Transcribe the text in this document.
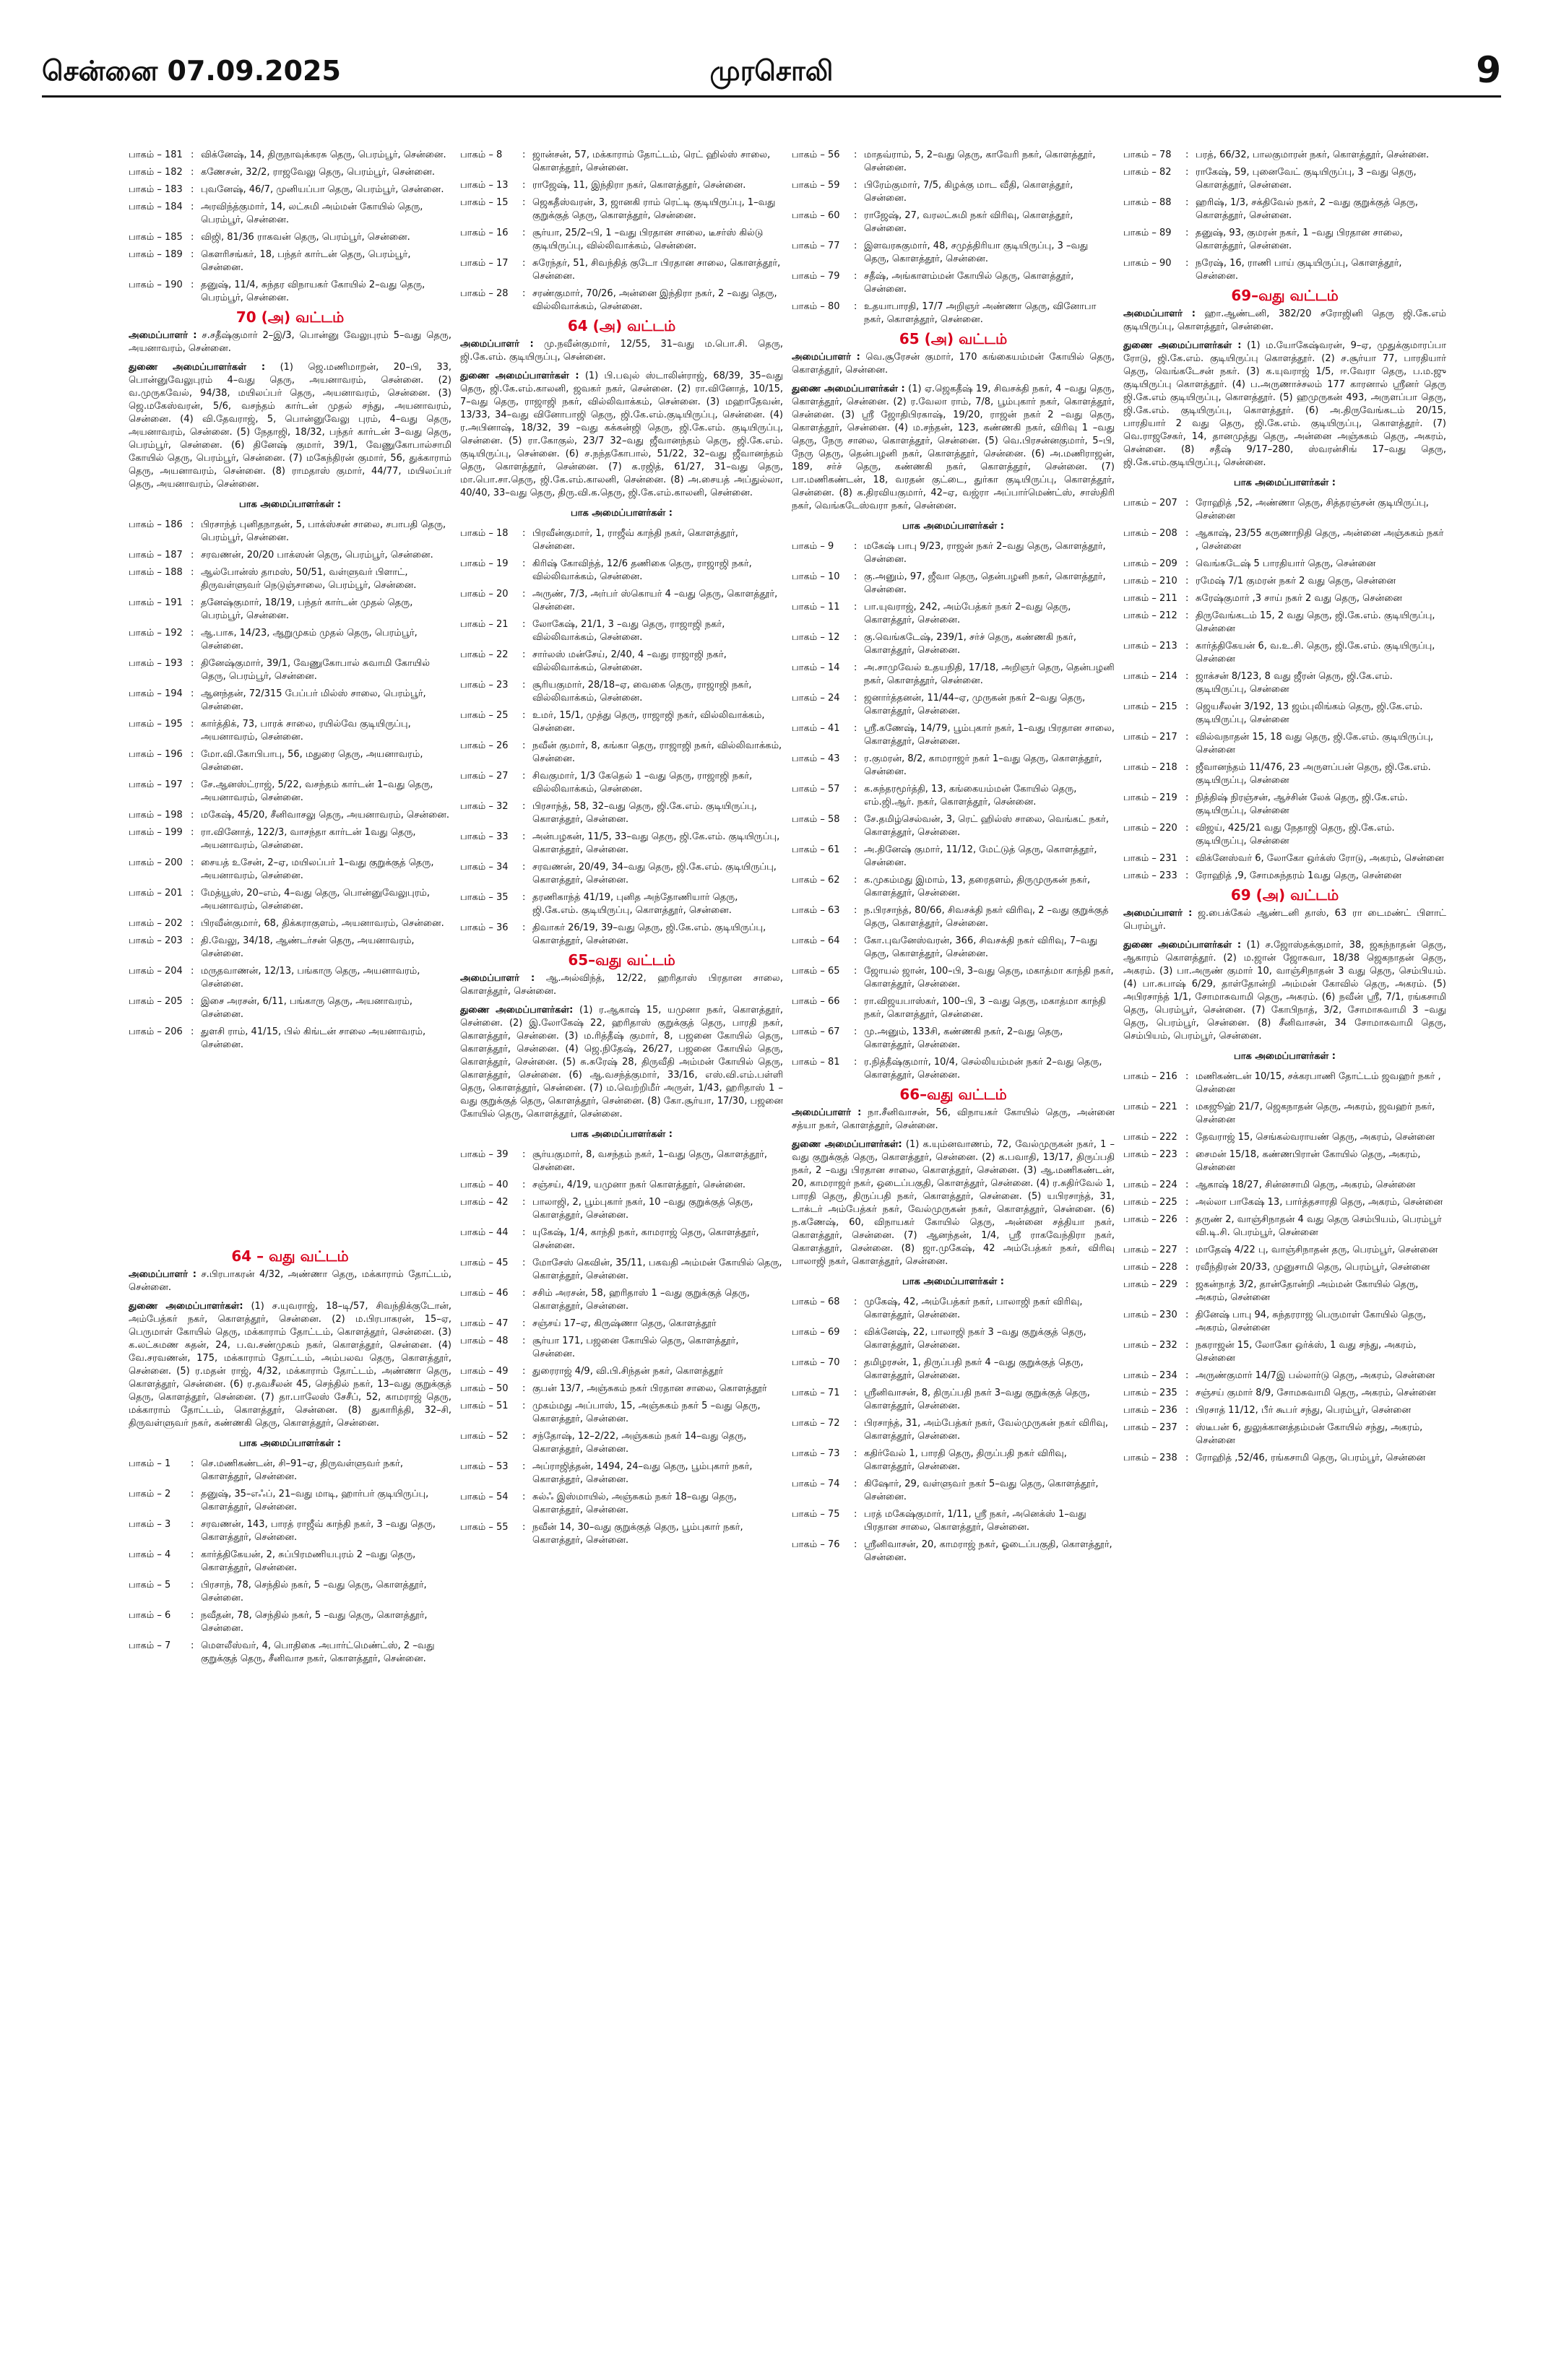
சென்னை 07.09.2025	முரசொலி	9
பாகம் – 181 : விக்னேஷ், 14, திருநாவுக்கரசு தெரு, பெரம்பூர், சென்னை.
பாகம் – 182 : கணேசன், 32/2, ராஜவேலு தெரு, பெரம்பூர், சென்னை.
பாகம் – 183 : புவனேஷ், 46/7, முனியப்பா தெரு, பெரம்பூர், சென்னை.
பாகம் – 184 : அரவிந்த்குமார், 14, லட்சுமி அம்மன் கோயில் தெரு, பெரம்பூர், சென்னை.
பாகம் – 185 : விஜி, 81/36 ராகவன் தெரு, பெரம்பூர், சென்னை.
பாகம் – 189 : கௌரிசங்கர், 18, பந்தர் கார்டன் தெரு, பெரம்பூர், சென்னை.
பாகம் – 190 : தனுஷ், 11/4, சுந்தர விநாயகர் கோயில் 2–வது தெரு, பெரம்பூர், சென்னை.
70 (அ) வட்டம்
அமைப்பாளர் : ச.சதீஷ்குமார் 2–இ/3, பொன்னு வேலுபுரம் 5–வது தெரு, அயனாவரம், சென்னை.
துணை அமைப்பாளர்கள் : (1) ஜெ.மணிமாறன், 20–பி, 33, பொன்னுவேலுபுரம் 4–வது தெரு, அயனாவரம், சென்னை. (2) வ.முருகவேல், 94/38, மயிலப்பர் தெரு, அயனாவரம், சென்னை. (3) ஜெ.மகேஸ்வரன், 5/6, வசந்தம் கார்டன் முதல் சந்து, அயனாவரம், சென்னை. (4) வி.தேவராஜ், 5, பொன்னுவேலு புரம், 4–வது தெரு, அயனாவரம், சென்னை. (5) நேதாஜி, 18/32, பந்தர் கார்டன் 3–வது தெரு, பெரம்பூர், சென்னை. (6) தினேஷ் குமார், 39/1, வேணுகோபால்சாமி கோயில் தெரு, பெரம்பூர், சென்னை. (7) மகேந்திரன் குமார், 56, துக்காராம் தெரு, அயனாவரம், சென்னை. (8) ராமதாஸ் குமார், 44/77, மயிலப்பர் தெரு, அயனாவரம், சென்னை.
பாக அமைப்பாளர்கள் :
பாகம் – 186 : பிரசாந்த் புனிதநாதன், 5, பாக்ஸ்சன் சாலை, சபாபதி தெரு, பெரம்பூர், சென்னை.
பாகம் – 187 : சரவணன், 20/20 பாக்ஸன் தெரு, பெரம்பூர், சென்னை.
பாகம் – 188 : ஆல்போன்ஸ் தாமஸ், 50/51, வள்ளுவர் பிளாட், திருவள்ளுவர் நெடுஞ்சாலை, பெரம்பூர், சென்னை.
பாகம் – 191 : தனேஷ்குமார், 18/19, பந்தர் கார்டன் முதல் தெரு, பெரம்பூர், சென்னை.
பாகம் – 192 : ஆ.பாசு, 14/23, ஆறுமுகம் முதல் தெரு, பெரம்பூர், சென்னை.
பாகம் – 193 : தினேஷ்குமார், 39/1, வேணுகோபால் சுவாமி கோயில் தெரு, பெரம்பூர், சென்னை.
பாகம் – 194 : ஆனந்தன், 72/315 பேப்பர் மில்ஸ் சாலை, பெரம்பூர், சென்னை.
பாகம் – 195 : கார்த்திக், 73, பாரக் சாலை, ரயில்வே குடியிருப்பு, அயனாவரம், சென்னை.
பாகம் – 196 : மோ.வி.கோபிபாபு, 56, மதுரை தெரு, அயனாவரம், சென்னை.
பாகம் – 197 : சே.ஆனஸ்ட்ராஜ், 5/22, வசந்தம் கார்டன் 1–வது தெரு, அயனாவரம், சென்னை.
பாகம் – 198 : மகேஷ், 45/20, சீனிவாசலு தெரு, அயனாவரம், சென்னை.
பாகம் – 199 : ரா.வினோத், 122/3, வாசந்தா கார்டன் 1வது தெரு, அயனாவரம், சென்னை.
பாகம் – 200 : சையத் உசேன், 2–ஏ, மயிலப்பர் 1–வது குறுக்குத் தெரு, அயனாவரம், சென்னை.
பாகம் – 201 : மேத்யூஸ், 20–எம், 4–வது தெரு, பொன்னுவேலுபுரம், அயனாவரம், சென்னை.
பாகம் – 202 : பிரவீன்குமார், 68, திக்கராகுளம், அயனாவரம், சென்னை.
பாகம் – 203 : தி.வேலு, 34/18, ஆண்டர்சன் தெரு, அயனாவரம், சென்னை.
பாகம் – 204 : மருதவாணன், 12/13, பங்காரு தெரு, அயனாவரம், சென்னை.
பாகம் – 205 : இசை அரசன், 6/11, பங்காரு தெரு, அயனாவரம், சென்னை.
பாகம் – 206 : துளசி ராம், 41/15, பில் கிங்டன் சாலை அயனாவரம், சென்னை.
64 – வது வட்டம்
அமைப்பாளர் : ச.பிரபாகரன் 4/32, அண்ணா தெரு, மக்காராம் தோட்டம், சென்னை.
துணை அமைப்பாளர்கள்: (1) ச.யுவராஜ், 18–டி/57, சிவந்திக்குடோன், அம்பேத்கர் நகர், கொளத்தூர், சென்னை. (2) ம.பிரபாகரன், 15–ஏ, பெருமாள் கோயில் தெரு, மக்காராம் தோட்டம், கொளத்தூர், சென்னை. (3) க.லட்சுமண சுதன், 24, ப.வ.சண்முகம் நகர், கொளத்தூர், சென்னை. (4) வே.சரவணன், 175, மக்காராம் தோட்டம், அம்பலவ தெரு, கொளத்தூர், சென்னை. (5) ர.மதன் ராஜ், 4/32, மக்காராம் தோட்டம், அண்ணா தெரு, கொளத்தூர், சென்னை. (6) ர.தவசீலன் 45, செந்தில் நகர், 13–வது குறுக்குத் தெரு, கொளத்தூர், சென்னை. (7) தா.பாலேஸ் சேசீப், 52, காமராஜ் தெரு, மக்காராம் தோட்டம், கொளத்தூர், சென்னை. (8) துகாரித்தி, 32–சி, திருவள்ளுவர் நகர், கண்ணகி தெரு, கொளத்தூர், சென்னை.
பாக அமைப்பாளர்கள் :
பாகம் – 1	: செ.மணிகண்டன், சி–91–ஏ, திருவள்ளுவர் நகர், கொளத்தூர், சென்னை.
பாகம் – 2	: தனுஷ், 35–எஃப், 21–வது மாடி, ஹார்பர் குடியிருப்பு, கொளத்தூர், சென்னை.
பாகம் – 3	: சரவணன், 143, பாரத் ராஜீவ் காந்தி நகர், 3 –வது தெரு, கொளத்தூர், சென்னை.
பாகம் – 4	: கார்த்திகேயன், 2, சுப்பிரமணியபுரம் 2 –வது தெரு, கொளத்தூர், சென்னை.
பாகம் – 5	: பிரசாந், 78, செந்தில் நகர், 5 –வது தெரு, கொளத்தூர், சென்னை.
பாகம் – 6	: நவீதன், 78, செந்தில் நகர், 5 –வது தெரு, கொளத்தூர், சென்னை.
பாகம் – 7	: மௌலீஸ்வர், 4, பொதிகை அபார்ட்மெண்ட்ஸ், 2 –வது குறுக்குத் தெரு, சீனிவாச நகர், கொளத்தூர், சென்னை.
பாகம் – 8	: ஜான்சன், 57, மக்காராம் தோட்டம், ரெட் ஹில்ஸ் சாலை, கொளத்தூர், சென்னை.
பாகம் – 13	: ராஜேஷ், 11, இந்திரா நகர், கொளத்தூர், சென்னை.
பாகம் – 15	: ஜெகதீஸ்வரன், 3, ஜானகி ராம் ரெட்டி குடியிருப்பு, 1–வது குறுக்குத் தெரு, கொளத்தூர், சென்னை.
பாகம் – 16	: சூர்யா, 25/2–பி, 1 –வது பிரதான சாலை, டீசர்ஸ் கில்டு குடியிருப்பு, வில்லிவாக்கம், சென்னை.
பாகம் – 17	: சுரேந்தர், 51, சிவந்தித் குடோ பிரதான சாலை, கொளத்தூர், சென்னை.
பாகம் – 28	: சரண்குமார், 70/26, அன்னை இந்திரா நகர், 2 –வது தெரு, வில்லிவாக்கம், சென்னை.
64 (அ) வட்டம்
அமைப்பாளர் : மு.நவீன்குமார், 12/55, 31–வது ம.பொ.சி. தெரு, ஜி.கே.எம். குடியிருப்பு, சென்னை.
துணை அமைப்பாளர்கள் : (1) பி.பவுல் ஸ்டாலின்ராஜ், 68/39, 35–வது தெரு, ஜி.கே.எம்.காலனி, ஜவகர் நகர், சென்னை. (2) ரா.வினோத், 10/15, 7–வது தெரு, ராஜாஜி நகர், வில்லிவாக்கம், சென்னை. (3) மஹாதேவன், 13/33, 34–வது வினோபாஜி தெரு, ஜி.கே.எம்.குடியிருப்பு, சென்னை. (4) ர.அபினாஷ், 18/32, 39 –வது கக்கன்ஜி தெரு, ஜி.கே.எம். குடியிருப்பு, சென்னை. (5) ரா.கோகுல், 23/7 32–வது ஜீவானந்தம் தெரு, ஜி.கே.எம். குடியிருப்பு, சென்னை. (6) ச.நந்தகோபால், 51/22, 32–வது ஜீவானந்தம் தெரு, கொளத்தூர், சென்னை. (7) க.ரஜித், 61/27, 31–வது தெரு, மா.பொ.சா.தெரு, ஜி.கே.எம்.காலனி, சென்னை. (8) அ.சையத் அப்துல்லா, 40/40, 33–வது தெரு, திரு.வி.க.தெரு, ஜி.கே.எம்.காலனி, சென்னை.
பாக அமைப்பாளர்கள் :
பாகம் – 18	: பிரவீன்குமார், 1, ராஜீவ் காந்தி நகர், கொளத்தூர், சென்னை.
பாகம் – 19	: கிரிஷ் கோவிந்த், 12/6 தணிகை தெரு, ராஜாஜி நகர், வில்லிவாக்கம், சென்னை.
பாகம் – 20	: அருண், 7/3, அர்பர் ஸ்கொயர் 4 –வது தெரு, கொளத்தூர், சென்னை.
பாகம் – 21	: லோகேஷ், 21/1, 3 –வது தெரு, ராஜாஜி நகர், வில்லிவாக்கம், சென்னை.
பாகம் – 22	: சார்லஸ் மன்சேய், 2/40, 4 –வது ராஜாஜி நகர், வில்லிவாக்கம், சென்னை.
பாகம் – 23	: சூரியகுமார், 28/18–ஏ, வைகை தெரு, ராஜாஜி நகர், வில்லிவாக்கம், சென்னை.
பாகம் – 25	: உமர், 15/1, முத்து தெரு, ராஜாஜி நகர், வில்லிவாக்கம், சென்னை.
பாகம் – 26	: நவீன் குமார், 8, கங்கா தெரு, ராஜாஜி நகர், வில்லிவாக்கம், சென்னை.
பாகம் – 27	: சிவகுமார், 1/3 கேதெல் 1 –வது தெரு, ராஜாஜி நகர், வில்லிவாக்கம், சென்னை.
பாகம் – 32	: பிரசாந்த், 58, 32–வது தெரு, ஜி.கே.எம். குடியிருப்பு, கொளத்தூர், சென்னை.
பாகம் – 33	: அன்பழகன், 11/5, 33–வது தெரு, ஜி.கே.எம். குடியிருப்பு, கொளத்தூர், சென்னை.
பாகம் – 34	: சரவணன், 20/49, 34–வது தெரு, ஜி.கே.எம். குடியிருப்பு, கொளத்தூர், சென்னை.
பாகம் – 35	: தரணிகாந்த் 41/19, புனித அந்தோணியார் தெரு, ஜி.கே.எம். குடியிருப்பு, கொளத்தூர், சென்னை.
பாகம் – 36	: திவாகர் 26/19, 39–வது தெரு, ஜி.கே.எம். குடியிருப்பு, கொளத்தூர், சென்னை.
65–வது வட்டம்
அமைப்பாளர் : ஆ.அல்விந்த், 12/22, ஹரிதாஸ் பிரதான சாலை, கொளத்தூர், சென்னை.
துணை அமைப்பாளர்கள்: (1) ர.ஆகாஷ் 15, யமுனா நகர், கொளத்தூர், சென்னை. (2) இ.லோகேஷ் 22, ஹரிதாஸ் குறுக்குத் தெரு, பாரதி நகர், கொளத்தூர், சென்னை. (3) ம.ரித்தீஷ் குமார், 8, பஜனை கோயில் தெரு, கொளத்தூர், சென்னை. (4) ஜெ.நிதேஷ், 26/27, பஜனை கோயில் தெரு, கொளத்தூர், சென்னை. (5) சு.சுரேஷ் 28, திருவீதி அம்மன் கோயில் தெரு, கொளத்தூர், சென்னை. (6) ஆ.வசந்த்குமார், 33/16, எஸ்.வி.எம்.பள்ளி தெரு, கொளத்தூர், சென்னை. (7) ம.வெற்றிமீர் அருள், 1/43, ஹரிதாஸ் 1 –வது குறுக்குத் தெரு, கொளத்தூர், சென்னை. (8) கோ.சூர்யா, 17/30, பஜனை கோயில் தெரு, கொளத்தூர், சென்னை.
பாக அமைப்பாளர்கள் :
பாகம் – 39	: சூர்யகுமார், 8, வசந்தம் நகர், 1–வது தெரு, கொளத்தூர், சென்னை.
பாகம் – 40	: சஞ்சய், 4/19, யமுனா நகர் கொளத்தூர், சென்னை.
பாகம் – 42	: பாலாஜி, 2, பூம்புகார் நகர், 10 –வது குறுக்குத் தெரு, கொளத்தூர், சென்னை.
பாகம் – 44	: யுகேஷ், 1/4, காந்தி நகர், காமராஜ் தெரு, கொளத்தூர், சென்னை.
பாகம் – 45	: மோசேஸ் கெவின், 35/11, பகவதி அம்மன் கோயில் தெரு, கொளத்தூர், சென்னை.
பாகம் – 46	: சசிம் அரசன், 58, ஹரிதாஸ் 1 –வது குறுக்குத் தெரு, கொளத்தூர், சென்னை.
பாகம் – 47	: சஞ்சய் 17–ஏ, கிருஷ்ணா தெரு, கொளத்தூர்
பாகம் – 48	: சூர்யா 171, பஜனை கோயில் தெரு, கொளத்தூர், சென்னை.
பாகம் – 49	: துரைராஜ் 4/9, வி.பி.சிந்தன் நகர், கொளத்தூர்
பாகம் – 50	: குபன் 13/7, அஞ்சுகம் நகர் பிரதான சாலை, கொளத்தூர்
பாகம் – 51	: முகம்மது அப்பாஸ், 15, அஞ்சுகம் நகர் 5 –வது தெரு, கொளத்தூர், சென்னை.
பாகம் – 52	: சந்தோஷ், 12–2/22, அஞ்சுகம் நகர் 14–வது தெரு, கொளத்தூர், சென்னை.
பாகம் – 53	: அப்ராஜித்தன், 1494, 24–வது தெரு, பூம்புகார் நகர், கொளத்தூர், சென்னை.
பாகம் – 54	: சுல்ஃ இஸ்மாயில், அஞ்சுகம் நகர் 18–வது தெரு, கொளத்தூர், சென்னை.
பாகம் – 55	: நவீன் 14, 30–வது குறுக்குத் தெரு, பூம்புகார் நகர், கொளத்தூர், சென்னை.
பாகம் – 56	: மாதவ்ராம், 5, 2–வது தெரு, காவேரி நகர், கொளத்தூர், சென்னை.
பாகம் – 59	: பிரேம்குமார், 7/5, கிழக்கு மாட வீதி, கொளத்தூர், சென்னை.
பாகம் – 60	: ராஜேஷ், 27, வரலட்சுமி நகர் விரிவு, கொளத்தூர், சென்னை.
பாகம் – 77	: இளவரசுகுமார், 48, சமுத்திரியா குடியிருப்பு, 3 –வது தெரு, கொளத்தூர், சென்னை.
பாகம் – 79	: சதீஷ், அங்காளம்மன் கோயில் தெரு, கொளத்தூர், சென்னை.
பாகம் – 80	: உதயாபாரதி, 17/7 அறிஞர் அண்ணா தெரு, வினோபா நகர், கொளத்தூர், சென்னை.
65 (அ) வட்டம்
அமைப்பாளர் : வெ.சூரேசன் குமார், 170 கங்கையம்மன் கோயில் தெரு, கொளத்தூர், சென்னை.
துணை அமைப்பாளர்கள் : (1) ஏ.ஜெகதீஷ் 19, சிவசக்தி நகர், 4 –வது தெரு, கொளத்தூர், சென்னை. (2) ர.வேலா ராம், 7/8, பூம்புகார் நகர், கொளத்தூர், சென்னை. (3) ஸ்ரீ ஜோதிபிரகாஷ், 19/20, ராஜன் நகர் 2 –வது தெரு, கொளத்தூர், சென்னை. (4) ம.சந்தன், 123, கண்ணகி நகர், விரிவு 1 –வது தெரு, நேரு சாலை, கொளத்தூர், சென்னை. (5) வெ.பிரசன்னகுமார், 5–பி, நேரு தெரு, தென்பழனி நகர், கொளத்தூர், சென்னை. (6) அ.மணிராஜன், 189, சர்ச் தெரு, கண்ணகி நகர், கொளத்தூர், சென்னை. (7) பா.மணிகண்டன், 18, வரதன் குட்டை, துர்கா குடியிருப்பு, கொளத்தூர், சென்னை. (8) க.திரவியகுமார், 42–ஏ, வஜ்ரா அப்பார்மெண்ட்ஸ், சாஸ்திரி நகர், வெங்கடேஸ்வரா நகர், சென்னை.
பாக அமைப்பாளர்கள் :
பாகம் – 9	: மகேஷ் பாபு 9/23, ராஜன் நகர் 2–வது தெரு, கொளத்தூர், சென்னை.
பாகம் – 10	: கு.அனும், 97, ஜீவா தெரு, தென்பழனி நகர், கொளத்தூர், சென்னை.
பாகம் – 11	: பா.யுவராஜ், 242, அம்பேத்கர் நகர் 2–வது தெரு, கொளத்தூர், சென்னை.
பாகம் – 12	: கு.வெங்கடேஷ், 239/1, சர்ச் தெரு, கண்ணகி நகர், கொளத்தூர், சென்னை.
பாகம் – 14	: அ.சாமுவேல் உதயநிதி, 17/18, அறிஞர் தெரு, தென்பழனி நகர், கொளத்தூர், சென்னை.
பாகம் – 24	: ஜனார்த்தனன், 11/44–ஏ, முருகன் நகர் 2–வது தெரு, கொளத்தூர், சென்னை.
பாகம் – 41	: ஸ்ரீ.கணேஷ், 14/79, பூம்புகார் நகர், 1–வது பிரதான சாலை, கொளத்தூர், சென்னை.
பாகம் – 43	: ர.குமரன், 8/2, காமராஜர் நகர் 1–வது தெரு, கொளத்தூர், சென்னை.
பாகம் – 57	: க.சுந்தரமூர்த்தி, 13, கங்கையம்மன் கோயில் தெரு, எம்.ஜி.ஆர். நகர், கொளத்தூர், சென்னை.
பாகம் – 58	: சே.தமிழ்செல்வன், 3, ரெட் ஹில்ஸ் சாலை, வெங்கட் நகர், கொளத்தூர், சென்னை.
பாகம் – 61	: அ.தினேஷ் குமார், 11/12, மேட்டுத் தெரு, கொளத்தூர், சென்னை.
பாகம் – 62	: க.முகம்மது இமாம், 13, தரைதளம், திருமுருகன் நகர், கொளத்தூர், சென்னை.
பாகம் – 63	: ந.பிரசாந்த், 80/66, சிவசக்தி நகர் விரிவு, 2 –வது குறுக்குத் தெரு, கொளத்தூர், சென்னை.
பாகம் – 64	: கோ.புவனேஸ்வரன், 366, சிவசக்தி நகர் விரிவு, 7–வது தெரு, கொளத்தூர், சென்னை.
பாகம் – 65	: ஜோயல் ஜான், 100–பி, 3–வது தெரு, மகாத்மா காந்தி நகர், கொளத்தூர், சென்னை.
பாகம் – 66	: ரா.விஜயபாஸ்கர், 100–பி, 3 –வது தெரு, மகாத்மா காந்தி நகர், கொளத்தூர், சென்னை.
பாகம் – 67	: மு.அனும், 133சி, கண்ணகி நகர், 2–வது தெரு, கொளத்தூர், சென்னை.
பாகம் – 81	: ர.நித்தீஷ்குமார், 10/4, செல்லியம்மன் நகர் 2–வது தெரு, கொளத்தூர், சென்னை.
66–வது வட்டம்
அமைப்பாளர் : நா.சீனிவாசன், 56, விநாயகர் கோயில் தெரு, அன்னை சத்யா நகர், கொளத்தூர், சென்னை.
துணை அமைப்பாளர்கள்: (1) க.யும்னவாணம், 72, வேல்முருகன் நகர், 1 –வது குறுக்குத் தெரு, கொளத்தூர், சென்னை. (2) க.பவாதி, 13/17, திருப்பதி நகர், 2 –வது பிரதான சாலை, கொளத்தூர், சென்னை. (3) ஆ.மணிகண்டன், 20, காமராஜர் நகர், ஒடைப்பகுதி, கொளத்தூர், சென்னை. (4) ர.சுதிர்வேல் 1, பாரதி தெரு, திருப்பதி நகர், கொளத்தூர், சென்னை. (5) யபிரசாந்த், 31, டாக்டர் அம்பேத்கர் நகர், வேல்முருகன் நகர், கொளத்தூர், சென்னை. (6) ந.கணேஷ், 60, விநாயகர் கோயில் தெரு, அன்னை சத்தியா நகர், கொளத்தூர், சென்னை. (7) ஆனந்தன், 1/4, ஸ்ரீ ராகவேந்திரா நகர், கொளத்தூர், சென்னை. (8) ஜா.முகேஷ், 42 அம்பேத்கர் நகர், விரிவு பாலாஜி நகர், கொளத்தூர், சென்னை.
பாக அமைப்பாளர்கள் :
பாகம் – 68	: முகேஷ், 42, அம்பேத்கர் நகர், பாலாஜி நகர் விரிவு, கொளத்தூர், சென்னை.
பாகம் – 69	: விக்னேஷ், 22, பாலாஜி நகர் 3 –வது குறுக்குத் தெரு, கொளத்தூர், சென்னை.
பாகம் – 70	: தமிழரசன், 1, திருப்பதி நகர் 4 –வது குறுக்குத் தெரு, கொளத்தூர், சென்னை.
பாகம் – 71	: ஸ்ரீனிவாசன், 8, திருப்பதி நகர் 3–வது குறுக்குத் தெரு, கொளத்தூர், சென்னை.
பாகம் – 72	: பிரசாந்த், 31, அம்பேத்கர் நகர், வேல்முருகன் நகர் விரிவு, கொளத்தூர், சென்னை.
பாகம் – 73	: கதிர்வேல் 1, பாரதி தெரு, திருப்பதி நகர் விரிவு, கொளத்தூர், சென்னை.
பாகம் – 74	: கிஷோர், 29, வள்ளுவர் நகர் 5–வது தெரு, கொளத்தூர், சென்னை.
பாகம் – 75	: பரத் மகேஷ்குமார், 1/11, ஸ்ரீ நகர், அனெக்ஸ் 1–வது பிரதான சாலை, கொளத்தூர், சென்னை.
பாகம் – 76	: ஸ்ரீனிவாசன், 20, காமராஜ் நகர், ஓடைப்பகுதி, கொளத்தூர், சென்னை.
பாகம் – 78	: பரத், 66/32, பாலகுமாரன் நகர், கொளத்தூர், சென்னை.
பாகம் – 82	: ராகேஷ், 59, புனைவேட் குடியிருப்பு, 3 –வது தெரு, கொளத்தூர், சென்னை.
பாகம் – 88	: ஹரிஷ், 1/3, சக்திவேல் நகர், 2 –வது குறுக்குத் தெரு, கொளத்தூர், சென்னை.
பாகம் – 89	: தனுஷ், 93, குமரன் நகர், 1 –வது பிரதான சாலை, கொளத்தூர், சென்னை.
பாகம் – 90	: நரேஷ், 16, ராணி பாய் குடியிருப்பு, கொளத்தூர், சென்னை.
69–வது வட்டம்
அமைப்பாளர் : ஹா.ஆண்டனி, 382/20 சரோஜினி தெரு ஜி.கே.எம் குடியிருப்பு, கொளத்தூர், சென்னை.
துணை அமைப்பாளர்கள் : (1) ம.யோகேஷ்வரன், 9–ஏ, முதுக்குமாரப்பா ரோடு, ஜி.கே.எம். குடியிருப்பு கொளத்தூர். (2) ச.சூர்யா 77, பாரதியார் தெரு, வெங்கடேசன் நகர். (3) க.யுவராஜ் 1/5, ஈ.வேரா தெரு, ப.ம.ஜு குடியிருப்பு கொளத்தூர். (4) ப.அருணாச்சலம் 177 காரனால் ஸ்ரீனர் தெரு ஜி.கே.எம் குடியிருப்பு, கொளத்தூர். (5) ஹமுருகன் 493, அருளப்பா தெரு, ஜி.கே.எம். குடியிருப்பு, கொளத்தூர். (6) அ.திருவேங்கடம் 20/15, பாரதியார் 2 வது தெரு, ஜி.கே.எம். குடியிருப்பு, கொளத்தூர். (7) வெ.ராஜசேகர், 14, தானமுத்து தெரு, அன்னை அஞ்சுகம் தெரு, அகரம், சென்னை. (8) சதீஷ் 9/17–280, ஸ்வரன்சிங் 17–வது தெரு, ஜி.கே.எம்.குடியிருப்பு, சென்னை.
பாக அமைப்பாளர்கள் :
பாகம் – 207 : ரோஹித் ,52, அண்ணா தெரு, சித்தரஞ்சன் குடியிருப்பு, சென்னை
பாகம் – 208 : ஆகாஷ், 23/55 கருணாநிதி தெரு, அன்னை அஞ்சுகம் நகர் , சென்னை
பாகம் – 209 : வெங்கடேஷ் 5 பாரதியார் தெரு, சென்னை
பாகம் – 210 : ரமேஷ் 7/1 குமரன் நகர் 2 வது தெரு, சென்னை
பாகம் – 211 : சுரேஷ்குமார் ,3 சாய் நகர் 2 வது தெரு, சென்னை
பாகம் – 212 : திருவேங்கடம் 15, 2 வது தெரு, ஜி.கே.எம். குடியிருப்பு, சென்னை
பாகம் – 213 : கார்த்திகேயன் 6, வ.உ.சி. தெரு, ஜி.கே.எம். குடியிருப்பு, சென்னை
பாகம் – 214 : ஜாக்சன் 8/123, 8 வது ஜீரன் தெரு, ஜி.கே.எம். குடியிருப்பு, சென்னை
பாகம் – 215 : ஜெயசீலன் 3/192, 13 ஜம்புலிங்கம் தெரு, ஜி.கே.எம். குடியிருப்பு, சென்னை
பாகம் – 217 : வில்வநாதன் 15, 18 வது தெரு, ஜி.கே.எம். குடியிருப்பு, சென்னை
பாகம் – 218 : ஜீவானந்தம் 11/476, 23 அருளப்பன் தெரு, ஜி.கே.எம். குடியிருப்பு, சென்னை
பாகம் – 219 : நித்திஷ் நிரஞ்சன், ஆச்சின் லேக் தெரு, ஜி.கே.எம். குடியிருப்பு, சென்னை
பாகம் – 220 : விஜய், 425/21 வது நேதாஜி தெரு, ஜி.கே.எம். குடியிருப்பு, சென்னை
பாகம் – 231 : விக்னேஸ்வர் 6, லோகோ ஒர்க்ஸ் ரோடு, அகரம், சென்னை
பாகம் – 233 : ரோஹித் ,9, சோமசுந்தரம் 1வது தெரு, சென்னை
69 (அ) வட்டம்
அமைப்பாளர் : ஜ.பைக்கேல் ஆண்டனி தாஸ், 63 ரா டைமண்ட் பிளாட் பெரம்பூர்.
துணை அமைப்பாளர்கள் : (1) ச.ஜோஸ்தக்குமார், 38, ஜகந்நாதன் தெரு, ஆகாரம் கொளத்தூர். (2) ம.ஜான் ஜோசுவா, 18/38 ஜெகநாதன் தெரு, அகரம். (3) பா.அருண் குமார் 10, வாஞ்சிநாதன் 3 வது தெரு, செம்பியம். (4) பா.சுபாஷ் 6/29, தாள்தோன்றி அம்மன் கோவில் தெரு, அகரம். (5) அபிரசாந்த் 1/1, சோமாசுவாமி தெரு, அகரம். (6) நவீன் ஸ்ரீ, 7/1, ரங்கசாமி தெரு, பெரம்பூர், சென்னை. (7) கோபிநாத், 3/2, சோமாசுவாமி 3 –வது தெரு, பெரம்பூர், சென்னை. (8) சீனிவாசன், 34 சோமாசுவாமி தெரு, செம்பியம், பெரம்பூர், சென்னை.
பாக அமைப்பாளர்கள் :
பாகம் – 216 : மணிகண்டன் 10/15, சக்கரபாணி தோட்டம் ஜவஹர் நகர் , சென்னை
பாகம் – 221 : மகஜூஹ் 21/7, ஜெகநாதன் தெரு, அகரம், ஜவஹர் நகர், சென்னை
பாகம் – 222 : தேவராஜ் 15, செங்கல்வராயண் தெரு, அகரம், சென்னை
பாகம் – 223 : சைமன் 15/18, கண்ணபிரான் கோயில் தெரு, அகரம், சென்னை
பாகம் – 224 : ஆகாஷ் 18/27, சின்னசாமி தெரு, அகரம், சென்னை
பாகம் – 225 : அல்லா பாகேஷ் 13, பார்த்தசாரதி தெரு, அகரம், சென்னை
பாகம் – 226 : தருண் 2, வாஞ்சிநாதன் 4 வது தெரு செம்பியம், பெரம்பூர் வி.டி.சி. பெரம்பூர், சென்னை
பாகம் – 227 : மாதேஷ் 4/22 பு, வாஞ்சிநாதன் தரு, பெரம்பூர், சென்னை
பாகம் – 228 : ரவீந்திரன் 20/33, முனுசாமி தெரு, பெரம்பூர், சென்னை
பாகம் – 229 : ஜகன்நாத் 3/2, தான்தோன்றி அம்மன் கோயில் தெரு, அகரம், சென்னை
பாகம் – 230 : தினேஷ் பாபு 94, சுந்தரராஜ பெருமாள் கோயில் தெரு, அகரம், சென்னை
பாகம் – 232 : நகராஜன் 15, லோகோ ஒர்க்ஸ், 1 வது சந்து, அகரம், சென்னை
பாகம் – 234 : அருண்குமார் 14/7இ பல்லார்டு தெரு, அகரம், சென்னை
பாகம் – 235 : சஞ்சய் குமார் 8/9, சோமசுவாமி தெரு, அகரம், சென்னை
பாகம் – 236 : பிரசாத் 11/12, பீர் கூபர் சந்து, பெரம்பூர், சென்னை
பாகம் – 237 : ஸ்டீபன் 6, துலுக்கானத்தம்மன் கோயில் சந்து, அகரம், சென்னை
பாகம் – 238 : ரோஹித் ,52/46, ரங்கசாமி தெரு, பெரம்பூர், சென்னை
